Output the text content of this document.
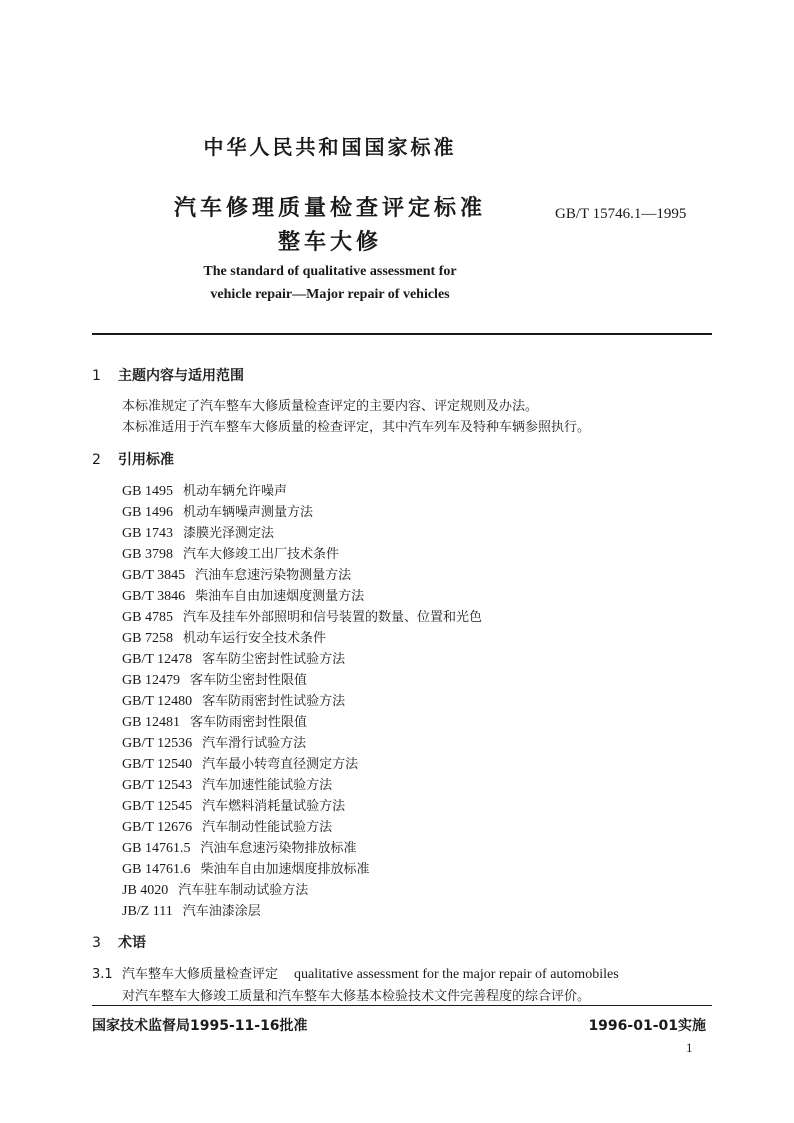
中华人民共和国国家标准
汽车修理质量检查评定标准
整车大修
GB/T 15746.1—1995
The standard of qualitative assessment for
vehicle repair—Major repair of vehicles
1 主题内容与适用范围
本标准规定了汽车整车大修质量检查评定的主要内容、评定规则及办法。
本标准适用于汽车整车大修质量的检查评定，其中汽车列车及特种车辆参照执行。
2 引用标准
GB 1495 机动车辆允许噪声
GB 1496 机动车辆噪声测量方法
GB 1743 漆膜光泽测定法
GB 3798 汽车大修竣工出厂技术条件
GB/T 3845 汽油车怠速污染物测量方法
GB/T 3846 柴油车自由加速烟度测量方法
GB 4785 汽车及挂车外部照明和信号装置的数量、位置和光色
GB 7258 机动车运行安全技术条件
GB/T 12478 客车防尘密封性试验方法
GB 12479 客车防尘密封性限值
GB/T 12480 客车防雨密封性试验方法
GB 12481 客车防雨密封性限值
GB/T 12536 汽车滑行试验方法
GB/T 12540 汽车最小转弯直径测定方法
GB/T 12543 汽车加速性能试验方法
GB/T 12545 汽车燃料消耗量试验方法
GB/T 12676 汽车制动性能试验方法
GB 14761.5 汽油车怠速污染物排放标准
GB 14761.6 柴油车自由加速烟度排放标准
JB 4020 汽车驻车制动试验方法
JB/Z 111 汽车油漆涂层
3 术语
3.1 汽车整车大修质量检查评定 qualitative assessment for the major repair of automobiles
对汽车整车大修竣工质量和汽车整车大修基本检验技术文件完善程度的综合评价。
国家技术监督局1995-11-16批准	1996-01-01实施
1
